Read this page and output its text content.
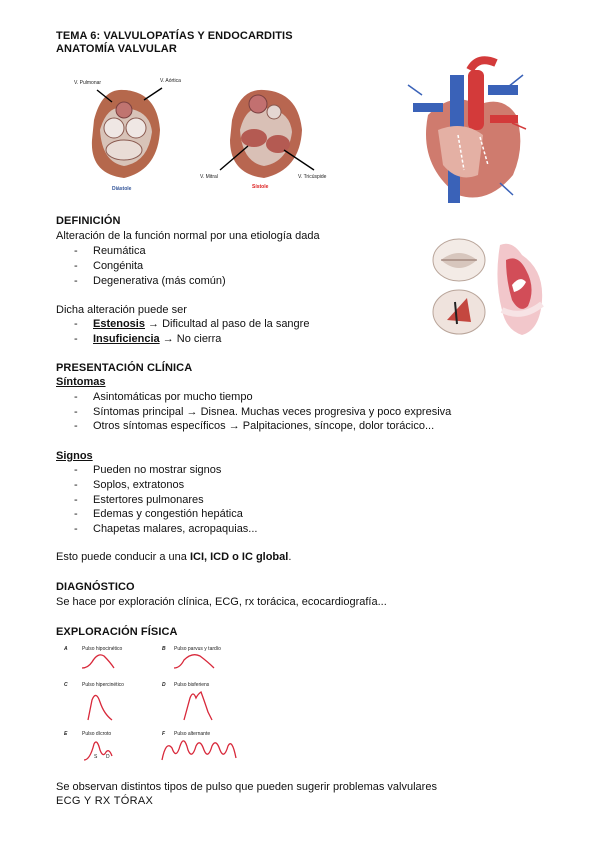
TEMA 6: VALVULOPATÍAS Y ENDOCARDITIS
ANATOMÍA VALVULAR
V. Pulmonar	V. Aórtica
V. Mitral	V. Tricúspide
Diástole	Sístole
DEFINICIÓN
Alteración de la función normal por una etiología dada
- Reumática
- Congénita
- Degenerativa (más común)
Dicha alteración puede ser
- Estenosis → Dificultad al paso de la sangre
- Insuficiencia → No cierra
PRESENTACIÓN CLÍNICA
Síntomas
- Asintomáticas por mucho tiempo
- Síntomas principal → Disnea. Muchas veces progresiva y poco expresiva
- Otros síntomas específicos → Palpitaciones, síncope, dolor torácico...
Signos
- Pueden no mostrar signos
- Soplos, extratonos
- Estertores pulmonares
- Edemas y congestión hepática
- Chapetas malares, acropaquias...
Esto puede conducir a una ICI, ICD o IC global.
DIAGNÓSTICO
Se hace por exploración clínica, ECG, rx torácica, ecocardiografía...
EXPLORACIÓN FÍSICA
A	Pulso hipocinético	B Pulso parvus y tardío
C	Pulso hipercinético	D Pulso bisferiens
E	Pulso dícroto	F Pulso alternante
S D
Se observan distintos tipos de pulso que pueden sugerir problemas valvulares
ECG Y RX TÓRAX
